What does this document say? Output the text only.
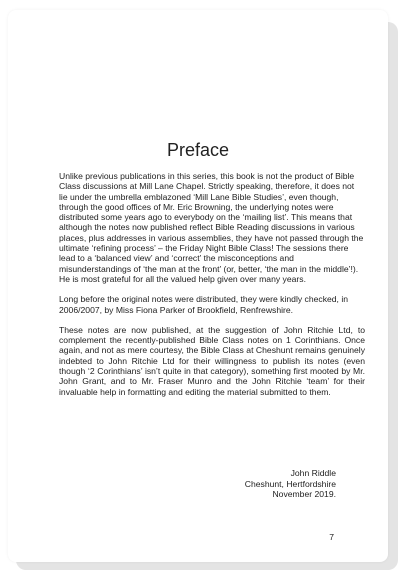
Preface

Unlike previous publications in this series, this book is not the product of Bible Class discussions at Mill Lane Chapel. Strictly speaking, therefore, it does not lie under the umbrella emblazoned ‘Mill Lane Bible Studies’, even though, through the good offices of Mr. Eric Browning, the underlying notes were distributed some years ago to everybody on the ‘mailing list’. This means that although the notes now published reflect Bible Reading discussions in various places, plus addresses in various assemblies, they have not passed through the ultimate ‘refining process’ – the Friday Night Bible Class! The sessions there lead to a ‘balanced view’ and ‘correct’ the misconceptions and misunderstandings of ‘the man at the front’ (or, better, ‘the man in the middle’!). He is most grateful for all the valued help given over many years.

Long before the original notes were distributed, they were kindly checked, in 2006/2007, by Miss Fiona Parker of Brookfield, Renfrewshire.

These notes are now published, at the suggestion of John Ritchie Ltd, to complement the recently-published Bible Class notes on 1 Corinthians. Once again, and not as mere courtesy, the Bible Class at Cheshunt remains genuinely indebted to John Ritchie Ltd for their willingness to publish its notes (even though ‘2 Corinthians’ isn’t quite in that category), something first mooted by Mr. John Grant, and to Mr. Fraser Munro and the John Ritchie ‘team’ for their invaluable help in formatting and editing the material submitted to them.

John Riddle
Cheshunt, Hertfordshire
November 2019.
7
